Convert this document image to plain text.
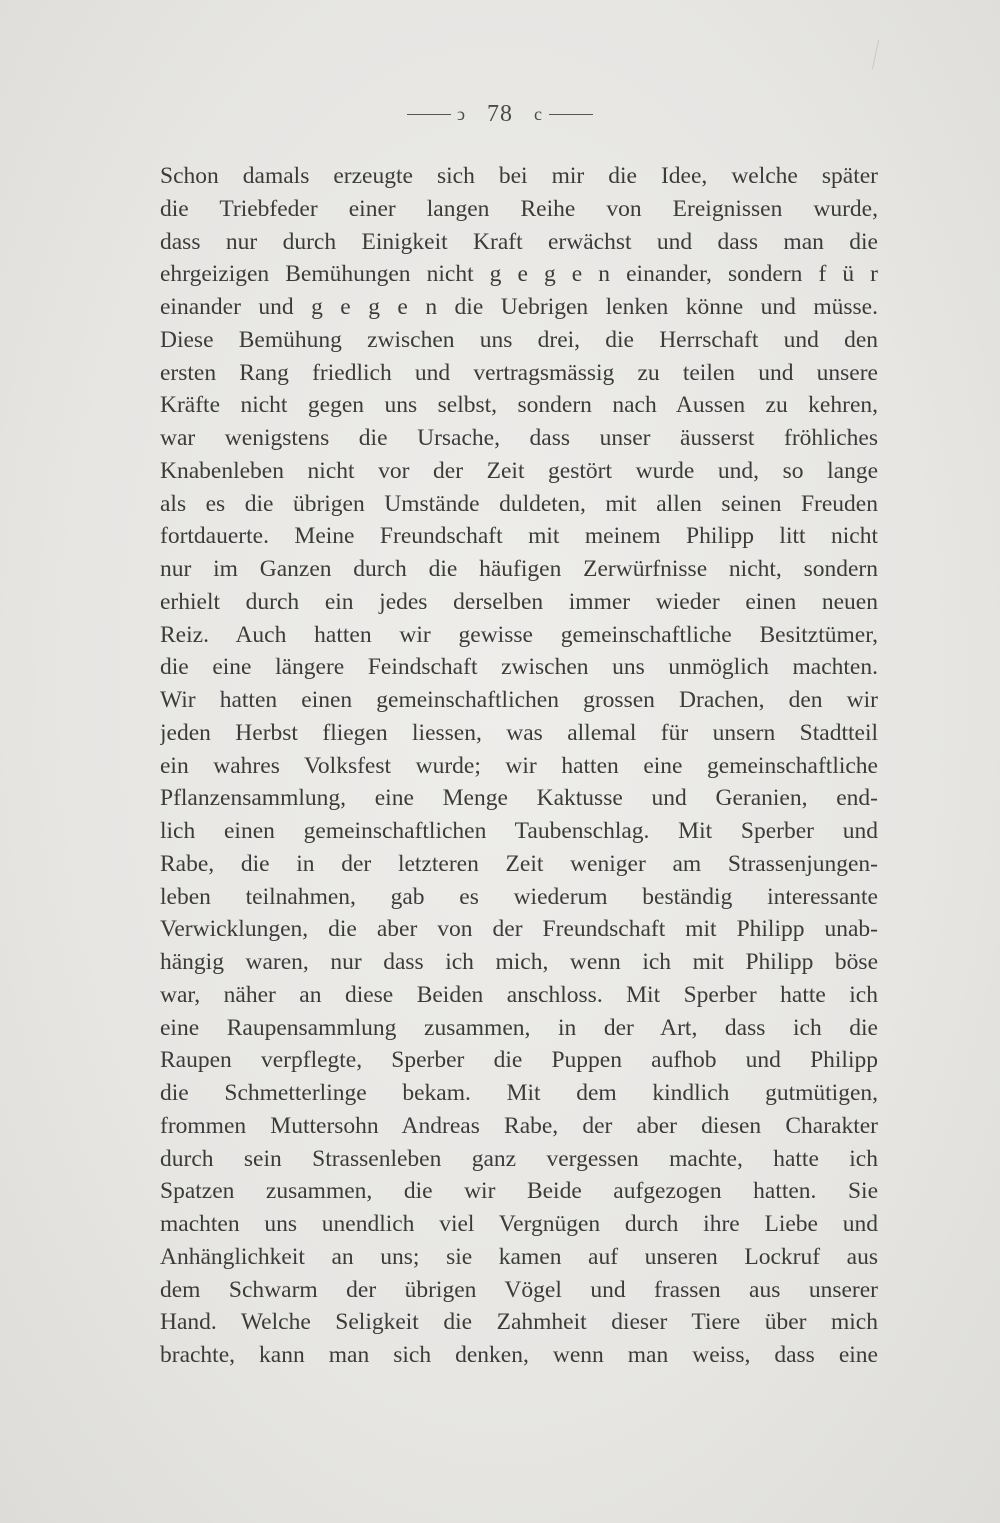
ↄ 78 c
Schon damals erzeugte sich bei mir die Idee, welche später
die Triebfeder einer langen Reihe von Ereignissen wurde,
dass nur durch Einigkeit Kraft erwächst und dass man die
ehrgeizigen Bemühungen nicht g e g e n einander, sondern f ü r
einander und g e g e n die Uebrigen lenken könne und müsse.
Diese Bemühung zwischen uns drei, die Herrschaft und den
ersten Rang friedlich und vertragsmässig zu teilen und unsere
Kräfte nicht gegen uns selbst, sondern nach Aussen zu kehren,
war wenigstens die Ursache, dass unser äusserst fröhliches
Knabenleben nicht vor der Zeit gestört wurde und, so lange
als es die übrigen Umstände duldeten, mit allen seinen Freuden
fortdauerte. Meine Freundschaft mit meinem Philipp litt nicht
nur im Ganzen durch die häufigen Zerwürfnisse nicht, sondern
erhielt durch ein jedes derselben immer wieder einen neuen
Reiz. Auch hatten wir gewisse gemeinschaftliche Besitztümer,
die eine längere Feindschaft zwischen uns unmöglich machten.
Wir hatten einen gemeinschaftlichen grossen Drachen, den wir
jeden Herbst fliegen liessen, was allemal für unsern Stadtteil
ein wahres Volksfest wurde; wir hatten eine gemeinschaftliche
Pflanzensammlung, eine Menge Kaktusse und Geranien, end-
lich einen gemeinschaftlichen Taubenschlag. Mit Sperber und
Rabe, die in der letzteren Zeit weniger am Strassenjungen-
leben teilnahmen, gab es wiederum beständig interessante
Verwicklungen, die aber von der Freundschaft mit Philipp unab-
hängig waren, nur dass ich mich, wenn ich mit Philipp böse
war, näher an diese Beiden anschloss. Mit Sperber hatte ich
eine Raupensammlung zusammen, in der Art, dass ich die
Raupen verpflegte, Sperber die Puppen aufhob und Philipp
die Schmetterlinge bekam. Mit dem kindlich gutmütigen,
frommen Muttersohn Andreas Rabe, der aber diesen Charakter
durch sein Strassenleben ganz vergessen machte, hatte ich
Spatzen zusammen, die wir Beide aufgezogen hatten. Sie
machten uns unendlich viel Vergnügen durch ihre Liebe und
Anhänglichkeit an uns; sie kamen auf unseren Lockruf aus
dem Schwarm der übrigen Vögel und frassen aus unserer
Hand. Welche Seligkeit die Zahmheit dieser Tiere über mich
brachte, kann man sich denken, wenn man weiss, dass eine
